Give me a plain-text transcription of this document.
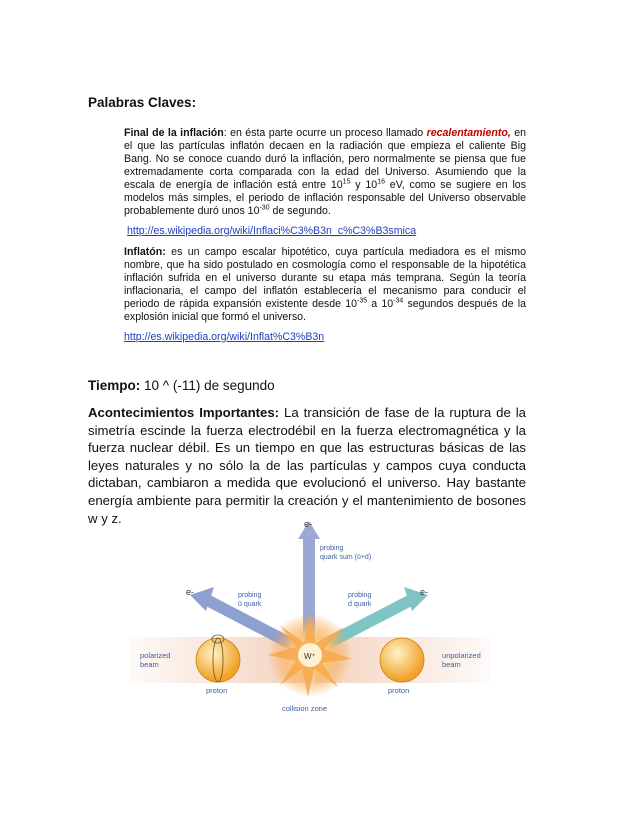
Palabras Claves:
Final de la inflación: en ésta parte ocurre un proceso llamado recalentamiento, en el que las partículas inflatón decaen en la radiación que empieza el caliente Big Bang. No se conoce cuando duró la inflación, pero normalmente se piensa que fue extremadamente corta comparada con la edad del Universo. Asumiendo que la escala de energía de inflación está entre $10^{15}$ y $10^{16}$ eV, como se sugiere en los modelos más simples, el periodo de inflación responsable del Universo observable probablemente duró unos $10^{-30}$ de segundo.
http://es.wikipedia.org/wiki/Inflaci%C3%B3n_c%C3%B3smica
Inflatón: es un campo escalar hipotético, cuya partícula mediadora es el mismo nombre, que ha sido postulado en cosmología como el responsable de la hipotética inflación sufrida en el universo durante su etapa más temprana. Según la teoría inflacionaria, el campo del inflatón establecería el mecanismo para conducir el periodo de rápida expansión existente desde $10^{-35}$ a $10^{-34}$ segundos después de la explosión inicial que formó el universo.
http://es.wikipedia.org/wiki/Inflat%C3%B3n
Tiempo: 10 ^ (-11) de segundo
Acontecimientos Importantes: La transición de fase de la ruptura de la simetría escinde la fuerza electrodébil en la fuerza electromagnética y la fuerza nuclear débil. Es un tiempo en que las estructuras básicas de las leyes naturales y no sólo la de las partículas y campos cuya conducta dictaban, cambiaron a medida que evolucionó el universo. Hay bastante energía ambiente para permitir la creación y el mantenimiento de bosones w y z.	e-
e-	e-
probing
quark sum (ū+d)
probing
ū quark
probing
d quark
W⁺
polarized
beam
unpolarized
beam
proton	proton
collision zone
